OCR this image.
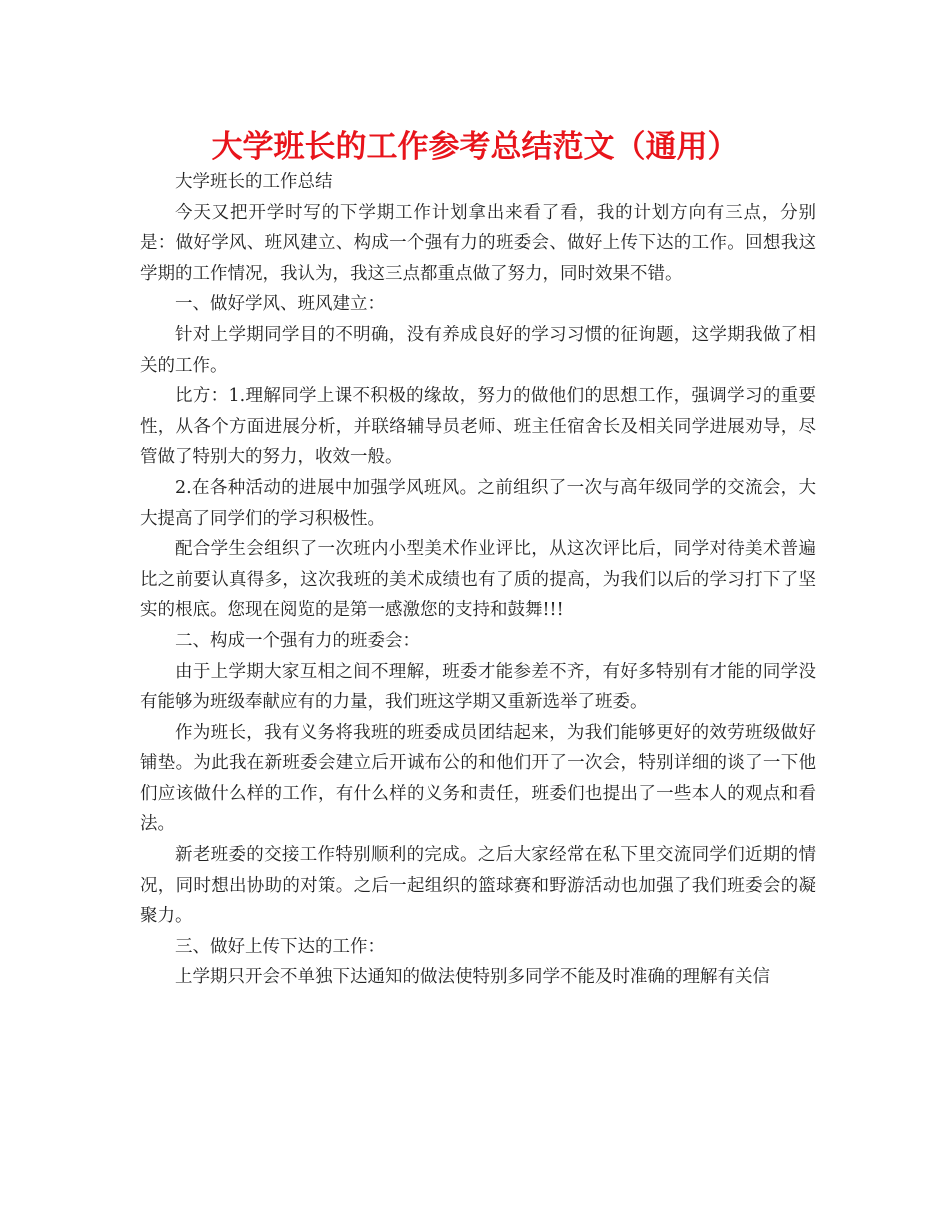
大学班长的工作参考总结范文（通用）

大学班长的工作总结

今天又把开学时写的下学期工作计划拿出来看了看，我的计划方向有三点，分别是：做好学风、班风建立、构成一个强有力的班委会、做好上传下达的工作。回想我这学期的工作情况，我认为，我这三点都重点做了努力，同时效果不错。

一、做好学风、班风建立：

针对上学期同学目的不明确，没有养成良好的学习习惯的征询题，这学期我做了相关的工作。

比方：1.理解同学上课不积极的缘故，努力的做他们的思想工作，强调学习的重要性，从各个方面进展分析，并联络辅导员老师、班主任宿舍长及相关同学进展劝导，尽管做了特别大的努力，收效一般。

2.在各种活动的进展中加强学风班风。之前组织了一次与高年级同学的交流会，大大提高了同学们的学习积极性。

配合学生会组织了一次班内小型美术作业评比，从这次评比后，同学对待美术普遍比之前要认真得多，这次我班的美术成绩也有了质的提高，为我们以后的学习打下了坚实的根底。您现在阅览的是第一感激您的支持和鼓舞!!!

二、构成一个强有力的班委会：

由于上学期大家互相之间不理解，班委才能参差不齐，有好多特别有才能的同学没有能够为班级奉献应有的力量，我们班这学期又重新选举了班委。

作为班长，我有义务将我班的班委成员团结起来，为我们能够更好的效劳班级做好铺垫。为此我在新班委会建立后开诚布公的和他们开了一次会，特别详细的谈了一下他们应该做什么样的工作，有什么样的义务和责任，班委们也提出了一些本人的观点和看法。

新老班委的交接工作特别顺利的完成。之后大家经常在私下里交流同学们近期的情况，同时想出协助的对策。之后一起组织的篮球赛和野游活动也加强了我们班委会的凝聚力。

三、做好上传下达的工作：

上学期只开会不单独下达通知的做法使特别多同学不能及时准确的理解有关信
